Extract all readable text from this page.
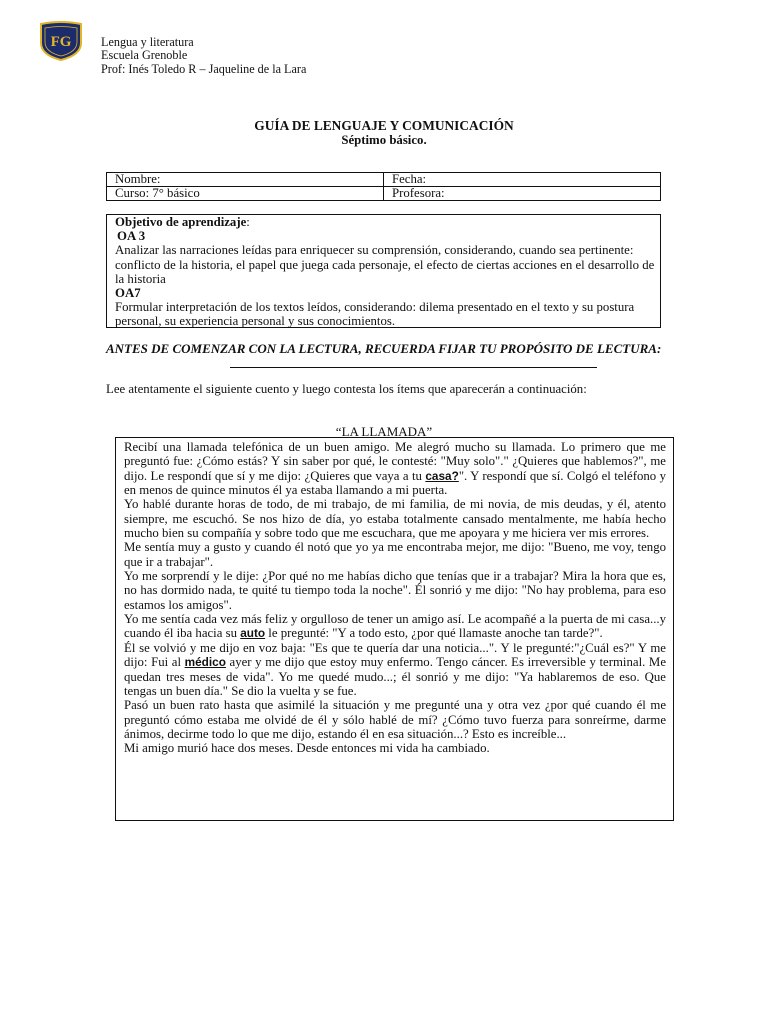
FG Lengua y literatura
Escuela Grenoble
Prof: Inés Toledo R – Jaqueline de la Lara
GUÍA DE LENGUAJE Y COMUNICACIÓN
Séptimo básico.
Nombre:	Fecha:
Curso: 7° básico	Profesora:
Objetivo de aprendizaje:
OA 3
Analizar las narraciones leídas para enriquecer su comprensión, considerando, cuando sea pertinente: conflicto de la historia, el papel que juega cada personaje, el efecto de ciertas acciones en el desarrollo de la historia
OA7
Formular interpretación de los textos leídos, considerando: dilema presentado en el texto y su postura personal, su experiencia personal y sus conocimientos.
ANTES DE COMENZAR CON LA LECTURA, RECUERDA FIJAR TU PROPÓSITO DE LECTURA:
Lee atentamente el siguiente cuento y luego contesta los ítems que aparecerán a continuación:
“LA LLAMADA”

Recibí una llamada telefónica de un buen amigo. Me alegró mucho su llamada. Lo primero que me preguntó fue: ¿Cómo estás? Y sin saber por qué, le contesté: "Muy solo"." ¿Quieres que hablemos?", me dijo. Le respondí que sí y me dijo: ¿Quieres que vaya a tu casa?". Y respondí que sí. Colgó el teléfono y en menos de quince minutos él ya estaba llamando a mi puerta.

Yo hablé durante horas de todo, de mi trabajo, de mi familia, de mi novia, de mis deudas, y él, atento siempre, me escuchó. Se nos hizo de día, yo estaba totalmente cansado mentalmente, me había hecho mucho bien su compañía y sobre todo que me escuchara, que me apoyara y me hiciera ver mis errores.

Me sentía muy a gusto y cuando él notó que yo ya me encontraba mejor, me dijo: "Bueno, me voy, tengo que ir a trabajar".

Yo me sorprendí y le dije: ¿Por qué no me habías dicho que tenías que ir a trabajar? Mira la hora que es, no has dormido nada, te quité tu tiempo toda la noche". Él sonrió y me dijo: "No hay problema, para eso estamos los amigos".

Yo me sentía cada vez más feliz y orgulloso de tener un amigo así. Le acompañé a la puerta de mi casa...y cuando él iba hacia su auto le pregunté: "Y a todo esto, ¿por qué llamaste anoche tan tarde?".

Él se volvió y me dijo en voz baja: "Es que te quería dar una noticia...". Y le pregunté:"¿Cuál es?" Y me dijo: Fui al médico ayer y me dijo que estoy muy enfermo. Tengo cáncer. Es irreversible y terminal. Me quedan tres meses de vida". Yo me quedé mudo...; él sonrió y me dijo: "Ya hablaremos de eso. Que tengas un buen día." Se dio la vuelta y se fue.

Pasó un buen rato hasta que asimilé la situación y me pregunté una y otra vez ¿por qué cuando él me preguntó cómo estaba me olvidé de él y sólo hablé de mí? ¿Cómo tuvo fuerza para sonreírme, darme ánimos, decirme todo lo que me dijo, estando él en esa situación...? Esto es increíble...

Mi amigo murió hace dos meses. Desde entonces mi vida ha cambiado.
